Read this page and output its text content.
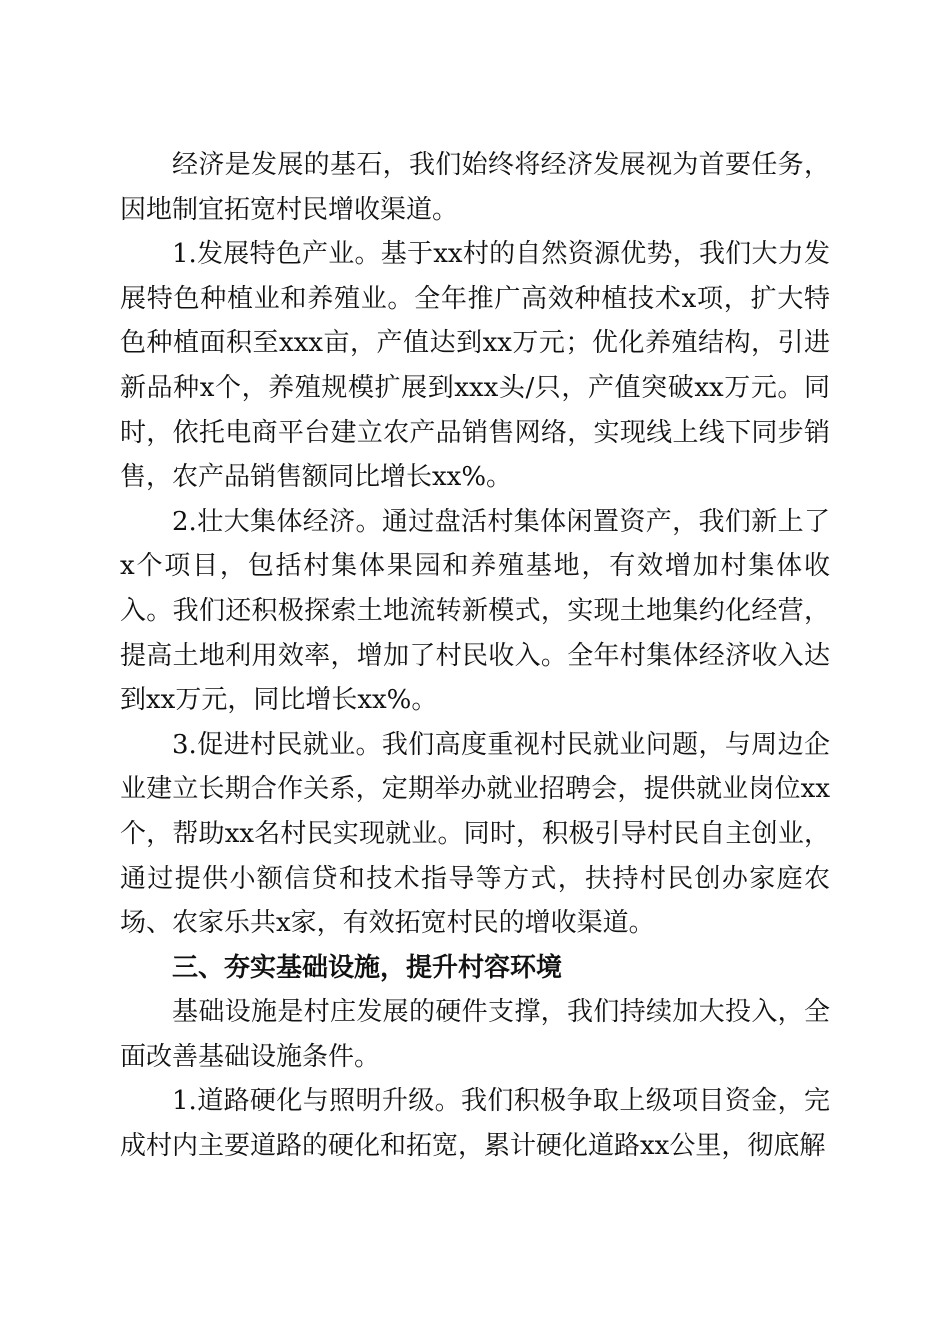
经济是发展的基石，我们始终将经济发展视为首要任务，因地制宜拓宽村民增收渠道。

1.发展特色产业。基于xx村的自然资源优势，我们大力发展特色种植业和养殖业。全年推广高效种植技术x项，扩大特色种植面积至xxx亩，产值达到xx万元；优化养殖结构，引进新品种x个，养殖规模扩展到xxx头/只，产值突破xx万元。同时，依托电商平台建立农产品销售网络，实现线上线下同步销售，农产品销售额同比增长xx%。

2.壮大集体经济。通过盘活村集体闲置资产，我们新上了x个项目，包括村集体果园和养殖基地，有效增加村集体收入。我们还积极探索土地流转新模式，实现土地集约化经营，提高土地利用效率，增加了村民收入。全年村集体经济收入达到xx万元，同比增长xx%。

3.促进村民就业。我们高度重视村民就业问题，与周边企业建立长期合作关系，定期举办就业招聘会，提供就业岗位xx个，帮助xx名村民实现就业。同时，积极引导村民自主创业，通过提供小额信贷和技术指导等方式，扶持村民创办家庭农场、农家乐共x家，有效拓宽村民的增收渠道。

三、夯实基础设施，提升村容环境

基础设施是村庄发展的硬件支撑，我们持续加大投入，全面改善基础设施条件。

1.道路硬化与照明升级。我们积极争取上级项目资金，完成村内主要道路的硬化和拓宽，累计硬化道路xx公里，彻底解
